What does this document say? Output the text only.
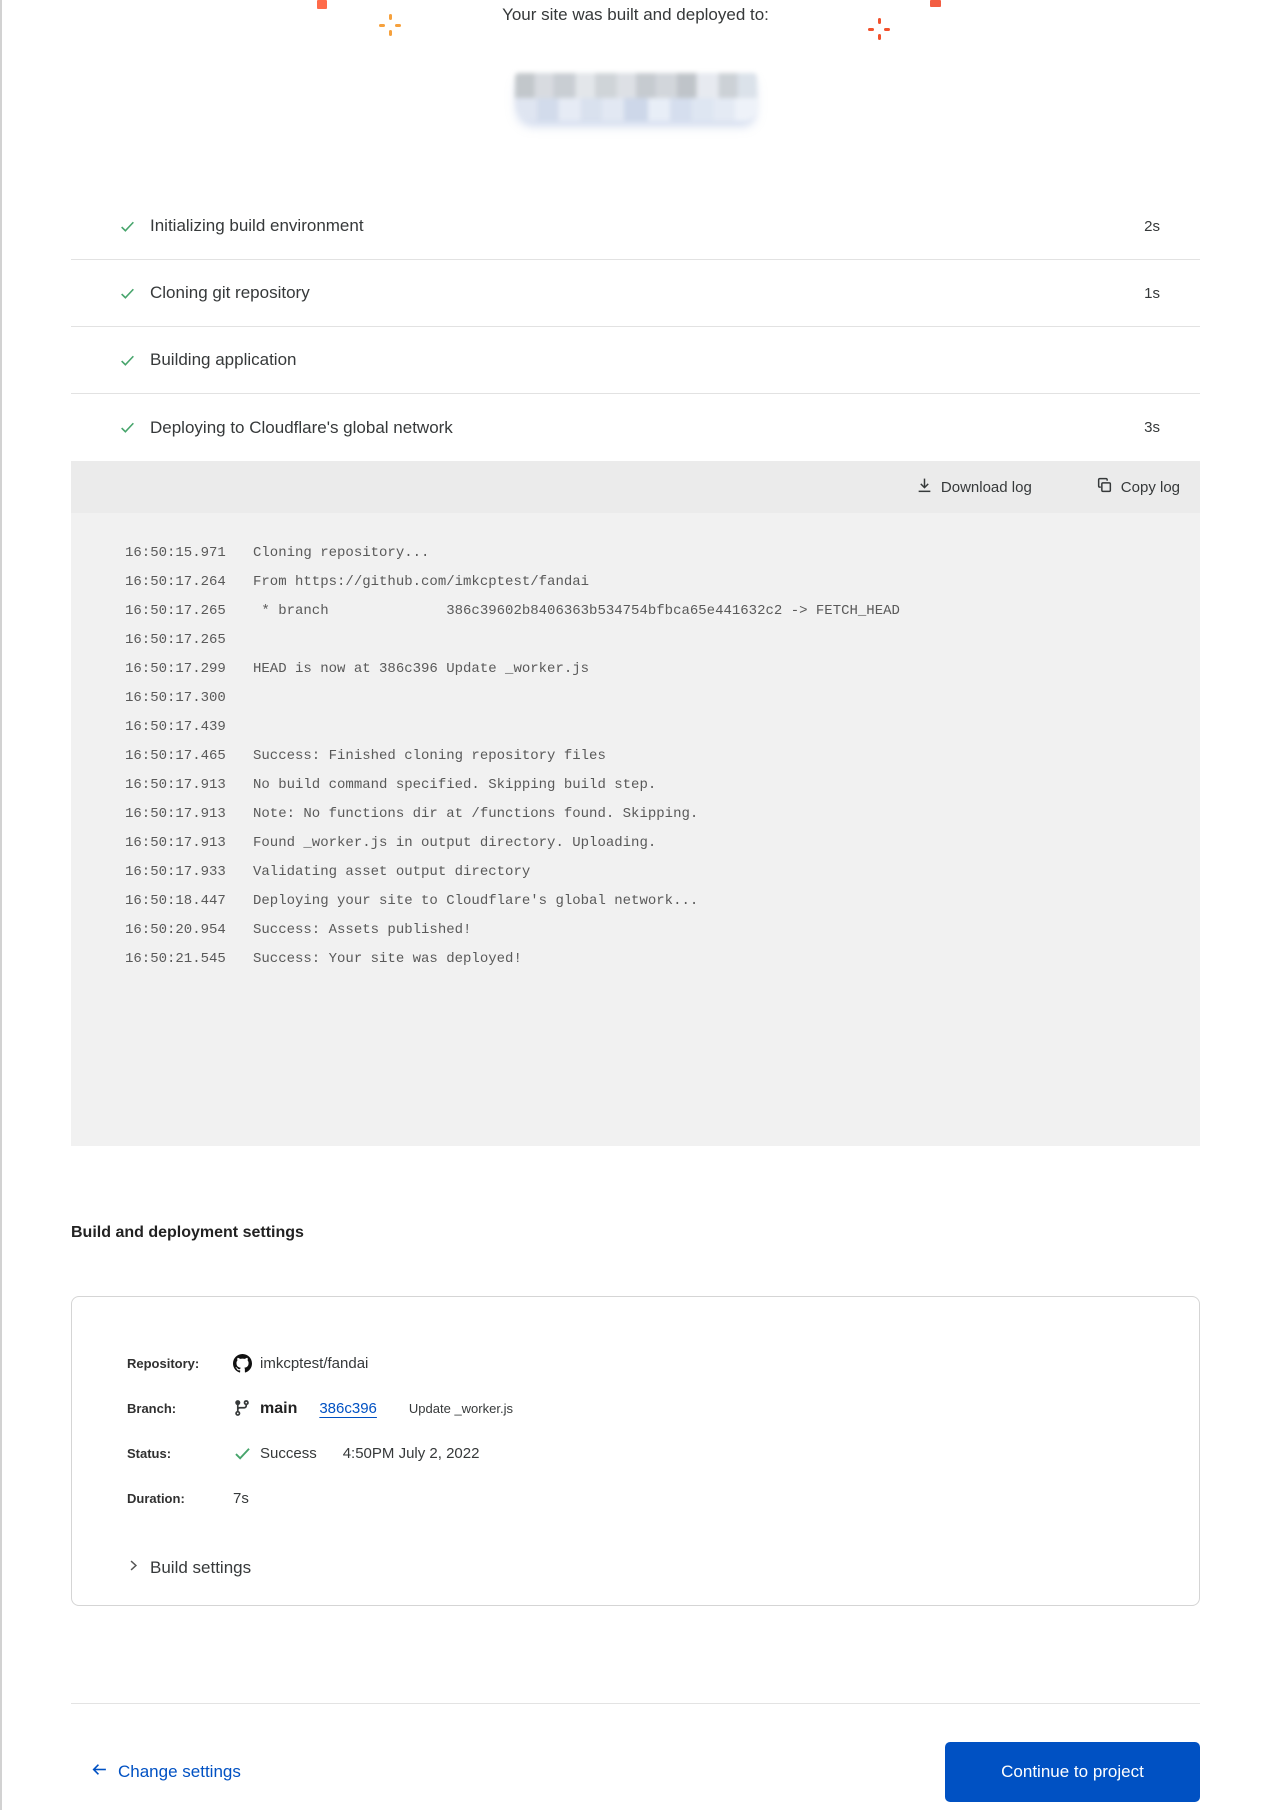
Your site was built and deployed to:
Initializing build environment	2s
Cloning git repository	1s
Building application
Deploying to Cloudflare's global network	3s
Download log	Copy log
16:50:15.971 Cloning repository...
16:50:17.264 From https://github.com/imkcptest/fandai
16:50:17.265 * branch              386c39602b8406363b534754bfbca65e441632c2 -> FETCH_HEAD
16:50:17.265
16:50:17.299 HEAD is now at 386c396 Update _worker.js
16:50:17.300
16:50:17.439
16:50:17.465 Success: Finished cloning repository files
16:50:17.913 No build command specified. Skipping build step.
16:50:17.913 Note: No functions dir at /functions found. Skipping.
16:50:17.913 Found _worker.js in output directory. Uploading.
16:50:17.933 Validating asset output directory
16:50:18.447 Deploying your site to Cloudflare's global network...
16:50:20.954 Success: Assets published!
16:50:21.545 Success: Your site was deployed!
Build and deployment settings
Repository:	imkcptest/fandai
Branch:	main 386c396 Update _worker.js
Status:	Success 4:50PM July 2, 2022
Duration:	7s
Build settings
Change settings	Continue to project
